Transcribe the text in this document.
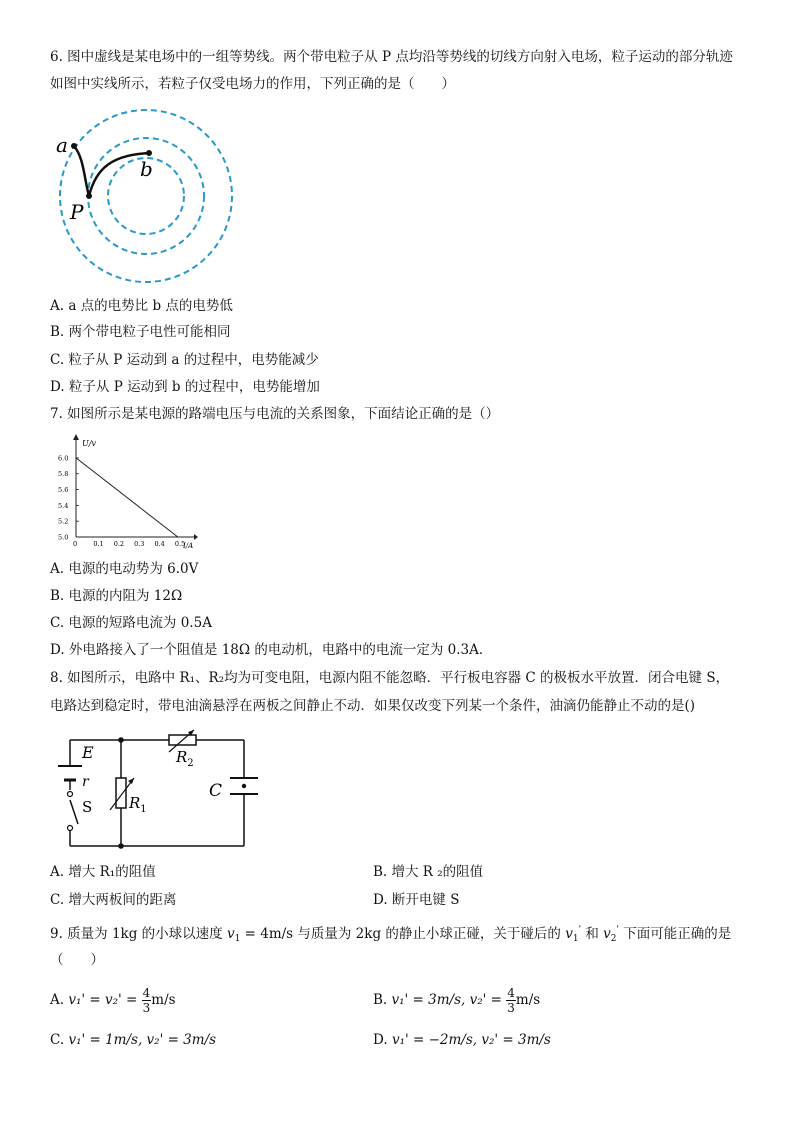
6. 图中虚线是某电场中的一组等势线。两个带电粒子从 P 点均沿等势线的切线方向射入电场，粒子运动的部分轨迹
如图中实线所示，若粒子仅受电场力的作用，下列正确的是（　　）
a
b
P
A. a 点的电势比 b 点的电势低
B. 两个带电粒子电性可能相同
C. 粒子从 P 运动到 a 的过程中，电势能减少
D. 粒子从 P 运动到 b 的过程中，电势能增加
7. 如图所示是某电源的路端电压与电流的关系图象，下面结论正确的是（）
5.0
5.2
5.4
5.6
5.8
6.0
0 0.1 0.2 0.3 0.4 0.5
U/v
I/A
A. 电源的电动势为 6.0V
B. 电源的内阻为 12Ω
C. 电源的短路电流为 0.5A
D. 外电路接入了一个阻值是 18Ω 的电动机，电路中的电流一定为 0.3A．
8. 如图所示，电路中 R₁、R₂均为可变电阻，电源内阻不能忽略．平行板电容器 C 的极板水平放置．闭合电键 S，
电路达到稳定时，带电油滴悬浮在两板之间静止不动．如果仅改变下列某一个条件，油滴仍能静止不动的是()
E
r
S $R_1$
$R_2$
C
A. 增大 R₁的阻值	B. 增大 R ₂的阻值
C. 增大两板间的距离	D. 断开电键 S
9. 质量为 1kg 的小球以速度 $v_1 = 4m/s$ 与质量为 2kg 的静止小球正碰，关于碰后的 $v_1'$ 和 $v_2'$ 下面可能正确的是
（　　）
A. $v_1' = v_2' = \frac{4}{3} m/s$	B. v₁' = 3m/s, $v_2' = \frac{4}{3} m/s$
C. v₁' = 1m/s, v₂' = 3m/s	D. v₁' = −2m/s, v₂' = 3m/s
